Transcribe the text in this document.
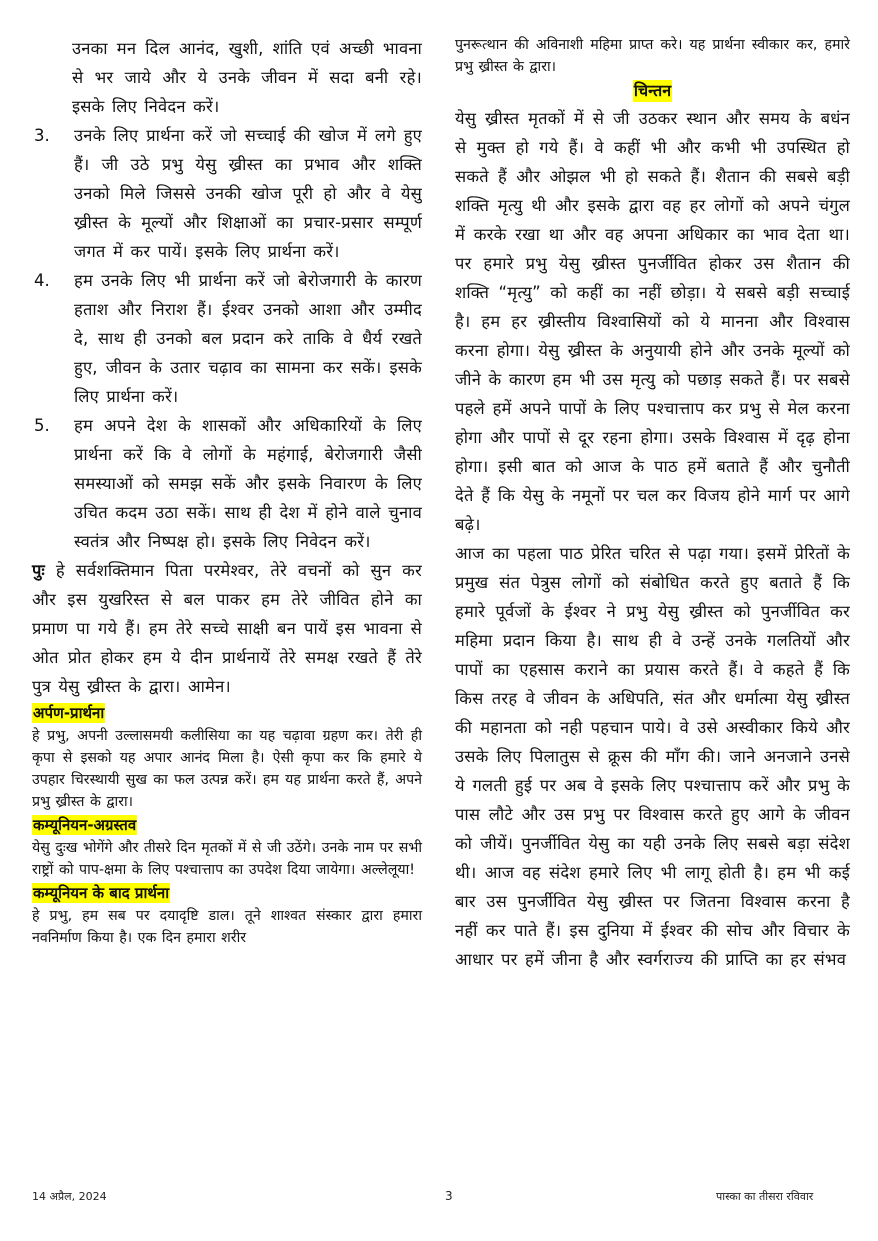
उनका मन दिल आनंद, खुशी, शांति एवं अच्छी भावना से भर जाये और ये उनके जीवन में सदा बनी रहे। इसके लिए निवेदन करें।

3.	उनके लिए प्रार्थना करें जो सच्चाई की खोज में लगे हुए हैं। जी उठे प्रभु येसु ख्रीस्त का प्रभाव और शक्ति उनको मिले जिससे उनकी खोज पूरी हो और वे येसु ख्रीस्त के मूल्यों और शिक्षाओं का प्रचार-प्रसार सम्पूर्ण जगत में कर पायें। इसके लिए प्रार्थना करें।

4.	हम उनके लिए भी प्रार्थना करें जो बेरोजगारी के कारण हताश और निराश हैं। ईश्वर उनको आशा और उम्मीद दे, साथ ही उनको बल प्रदान करे ताकि वे धैर्य रखते हुए, जीवन के उतार चढ़ाव का सामना कर सकें। इसके लिए प्रार्थना करें।

5.	हम अपने देश के शासकों और अधिकारियों के लिए प्रार्थना करें कि वे लोगों के महंगाई, बेरोजगारी जैसी समस्याओं को समझ सकें और इसके निवारण के लिए उचित कदम उठा सकें। साथ ही देश में होने वाले चुनाव स्वतंत्र और निष्पक्ष हो। इसके लिए निवेदन करें।

पुः हे सर्वशक्तिमान पिता परमेश्वर, तेरे वचनों को सुन कर और इस युखरिस्त से बल पाकर हम तेरे जीवित होने का प्रमाण पा गये हैं। हम तेरे सच्चे साक्षी बन पायें इस भावना से ओत प्रोत होकर हम ये दीन प्रार्थनायें तेरे समक्ष रखते हैं तेरे पुत्र येसु ख्रीस्त के द्वारा। आमेन।

अर्पण-प्रार्थना

हे प्रभु, अपनी उल्लासमयी कलीसिया का यह चढ़ावा ग्रहण कर। तेरी ही कृपा से इसको यह अपार आनंद मिला है। ऐसी कृपा कर कि हमारे ये उपहार चिरस्थायी सुख का फल उत्पन्न करें। हम यह प्रार्थना करते हैं, अपने प्रभु ख्रीस्त के द्वारा।

कम्यूनियन-अग्रस्तव

येसु दुःख भोगेंगे और तीसरे दिन मृतकों में से जी उठेंगे। उनके नाम पर सभी राष्ट्रों को पाप-क्षमा के लिए पश्चात्ताप का उपदेश दिया जायेगा। अल्लेलूया!

कम्यूनियन के बाद प्रार्थना

हे प्रभु, हम सब पर दयादृष्टि डाल। तूने शाश्वत संस्कार द्वारा हमारा नवनिर्माण किया है। एक दिन हमारा शरीर

पुनरूत्थान की अविनाशी महिमा प्राप्त करे। यह प्रार्थना स्वीकार कर, हमारे प्रभु ख्रीस्त के द्वारा।

चिन्तन

येसु ख्रीस्त मृतकों में से जी उठकर स्थान और समय के बधंन से मुक्त हो गये हैं। वे कहीं भी और कभी भी उपस्थित हो सकते हैं और ओझल भी हो सकते हैं। शैतान की सबसे बड़ी शक्ति मृत्यु थी और इसके द्वारा वह हर लोगों को अपने चंगुल में करके रखा था और वह अपना अधिकार का भाव देता था। पर हमारे प्रभु येसु ख्रीस्त पुनर्जीवित होकर उस शैतान की शक्ति “मृत्यु” को कहीं का नहीं छोड़ा। ये सबसे बड़ी सच्चाई है। हम हर ख्रीस्तीय विश्वासियों को ये मानना और विश्वास करना होगा। येसु ख्रीस्त के अनुयायी होने और उनके मूल्यों को जीने के कारण हम भी उस मृत्यु को पछाड़ सकते हैं। पर सबसे पहले हमें अपने पापों के लिए पश्चात्ताप कर प्रभु से मेल करना होगा और पापों से दूर रहना होगा। उसके विश्वास में दृढ़ होना होगा। इसी बात को आज के पाठ हमें बताते हैं और चुनौती देते हैं कि येसु के नमूनों पर चल कर विजय होने मार्ग पर आगे बढ़े।

आज का पहला पाठ प्रेरित चरित से पढ़ा गया। इसमें प्रेरितों के प्रमुख संत पेत्रुस लोगों को संबोधित करते हुए बताते हैं कि हमारे पूर्वजों के ईश्वर ने प्रभु येसु ख्रीस्त को पुनर्जीवित कर महिमा प्रदान किया है। साथ ही वे उन्हें उनके गलतियों और पापों का एहसास कराने का प्रयास करते हैं। वे कहते हैं कि किस तरह वे जीवन के अधिपति, संत और धर्मात्मा येसु ख्रीस्त की महानता को नही पहचान पाये। वे उसे अस्वीकार किये और उसके लिए पिलातुस से क्रूस की माँग की। जाने अनजाने उनसे ये गलती हुई पर अब वे इसके लिए पश्चात्ताप करें और प्रभु के पास लौटे और उस प्रभु पर विश्वास करते हुए आगे के जीवन को जीयें। पुनर्जीवित येसु का यही उनके लिए सबसे बड़ा संदेश थी। आज वह संदेश हमारे लिए भी लागू होती है। हम भी कई बार उस पुनर्जीवित येसु ख्रीस्त पर जितना विश्वास करना है नहीं कर पाते हैं। इस दुनिया में ईश्वर की सोच और विचार के आधार पर हमें जीना है और स्वर्गराज्य की प्राप्ति का हर संभव

14 अप्रैल, 2024	3	पास्का का तीसरा रविवार
